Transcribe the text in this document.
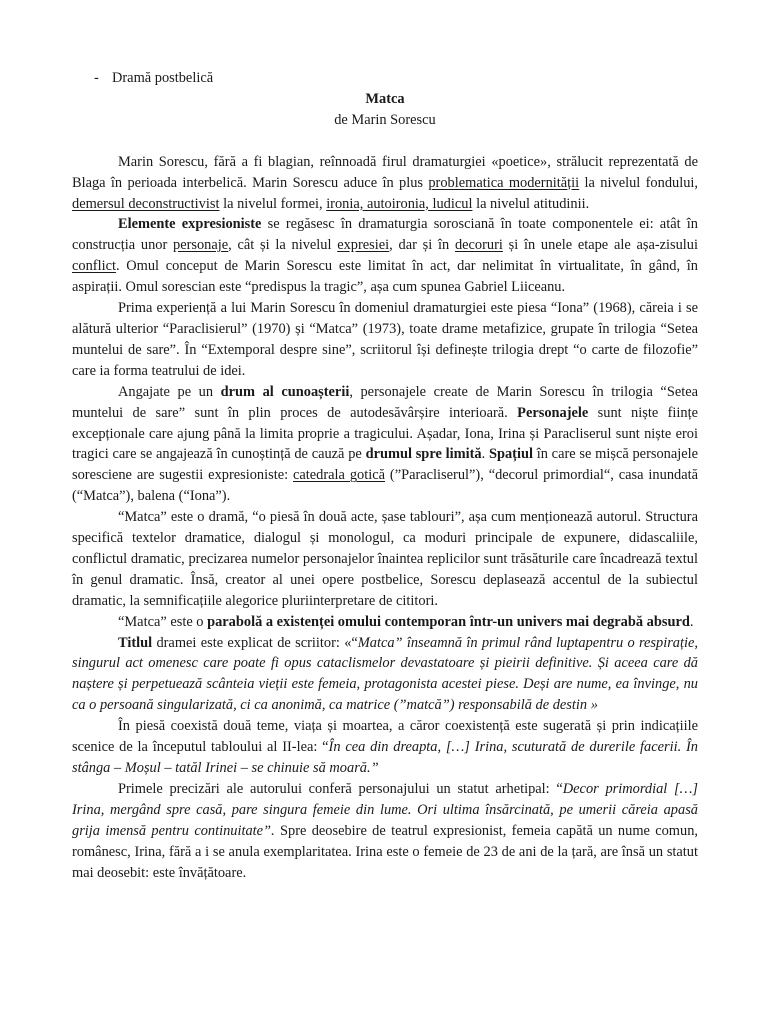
- Dramă postbelică
Matca
de Marin Sorescu

Marin Sorescu, fără a fi blagian, reînnoadă firul dramaturgiei «poetice», strălucit reprezentată de Blaga în perioada interbelică. Marin Sorescu aduce în plus problematica modernității la nivelul fondului, demersul deconstructivist la nivelul formei, ironia, autoironia, ludicul la nivelul atitudinii.

Elemente expresioniste se regăsesc în dramaturgia sorosciană în toate componentele ei: atât în construcția unor personaje, cât și la nivelul expresiei, dar și în decoruri și în unele etape ale așa-zisului conflict. Omul conceput de Marin Sorescu este limitat în act, dar nelimitat în virtualitate, în gând, în aspirații. Omul sorescian este “predispus la tragic”, așa cum spunea Gabriel Liiceanu.

Prima experiență a lui Marin Sorescu în domeniul dramaturgiei este piesa “Iona” (1968), căreia i se alătură ulterior “Paraclisierul” (1970) și “Matca” (1973), toate drame metafizice, grupate în trilogia “Setea muntelui de sare”. În “Extemporal despre sine”, scriitorul își definește trilogia drept “o carte de filozofie” care ia forma teatrului de idei.

Angajate pe un drum al cunoașterii, personajele create de Marin Sorescu în trilogia “Setea muntelui de sare” sunt în plin proces de autodesăvârșire interioară. Personajele sunt niște ființe excepționale care ajung până la limita proprie a tragicului. Așadar, Iona, Irina și Paracliserul sunt niște eroi tragici care se angajează în cunoștință de cauză pe drumul spre limită. Spațiul în care se mișcă personajele soresciene are sugestii expresioniste: catedrala gotică (”Paracliserul”), “decorul primordial“, casa inundată (“Matca”), balena (“Iona”).

“Matca” este o dramă, “o piesă în două acte, șase tablouri”, așa cum menționează autorul. Structura specifică textelor dramatice, dialogul și monologul, ca moduri principale de expunere, didascaliile, conflictul dramatic, precizarea numelor personajelor înaintea replicilor sunt trăsăturile care încadrează textul în genul dramatic. Însă, creator al unei opere postbelice, Sorescu deplasează accentul de la subiectul dramatic, la semnificațiile alegorice pluriinterpretare de cititori.

“Matca” este o parabolă a existenței omului contemporan într-un univers mai degrabă absurd.

Titlul dramei este explicat de scriitor: «“Matca” înseamnă în primul rând luptapentru o respirație, singurul act omenesc care poate fi opus cataclismelor devastatoare și pieirii definitive. Și aceea care dă naștere și perpetuează scânteia vieții este femeia, protagonista acestei piese. Deși are nume, ea învinge, nu ca o persoană singularizată, ci ca anonimă, ca matrice (”matcă”) responsabilă de destin »

În piesă coexistă două teme, viața și moartea, a căror coexistență este sugerată și prin indicațiile scenice de la începutul tabloului al II-lea: “În cea din dreapta, […] Irina, scuturată de durerile facerii. În stânga – Moșul – tatăl Irinei – se chinuie să moară.”

Primele precizări ale autorului conferă personajului un statut arhetipal: “Decor primordial […] Irina, mergând spre casă, pare singura femeie din lume. Ori ultima însărcinată, pe umerii căreia apasă grija imensă pentru continuitate”. Spre deosebire de teatrul expresionist, femeia capătă un nume comun, românesc, Irina, fără a i se anula exemplaritatea. Irina este o femeie de 23 de ani de la țară, are însă un statut mai deosebit: este învățătoare.
